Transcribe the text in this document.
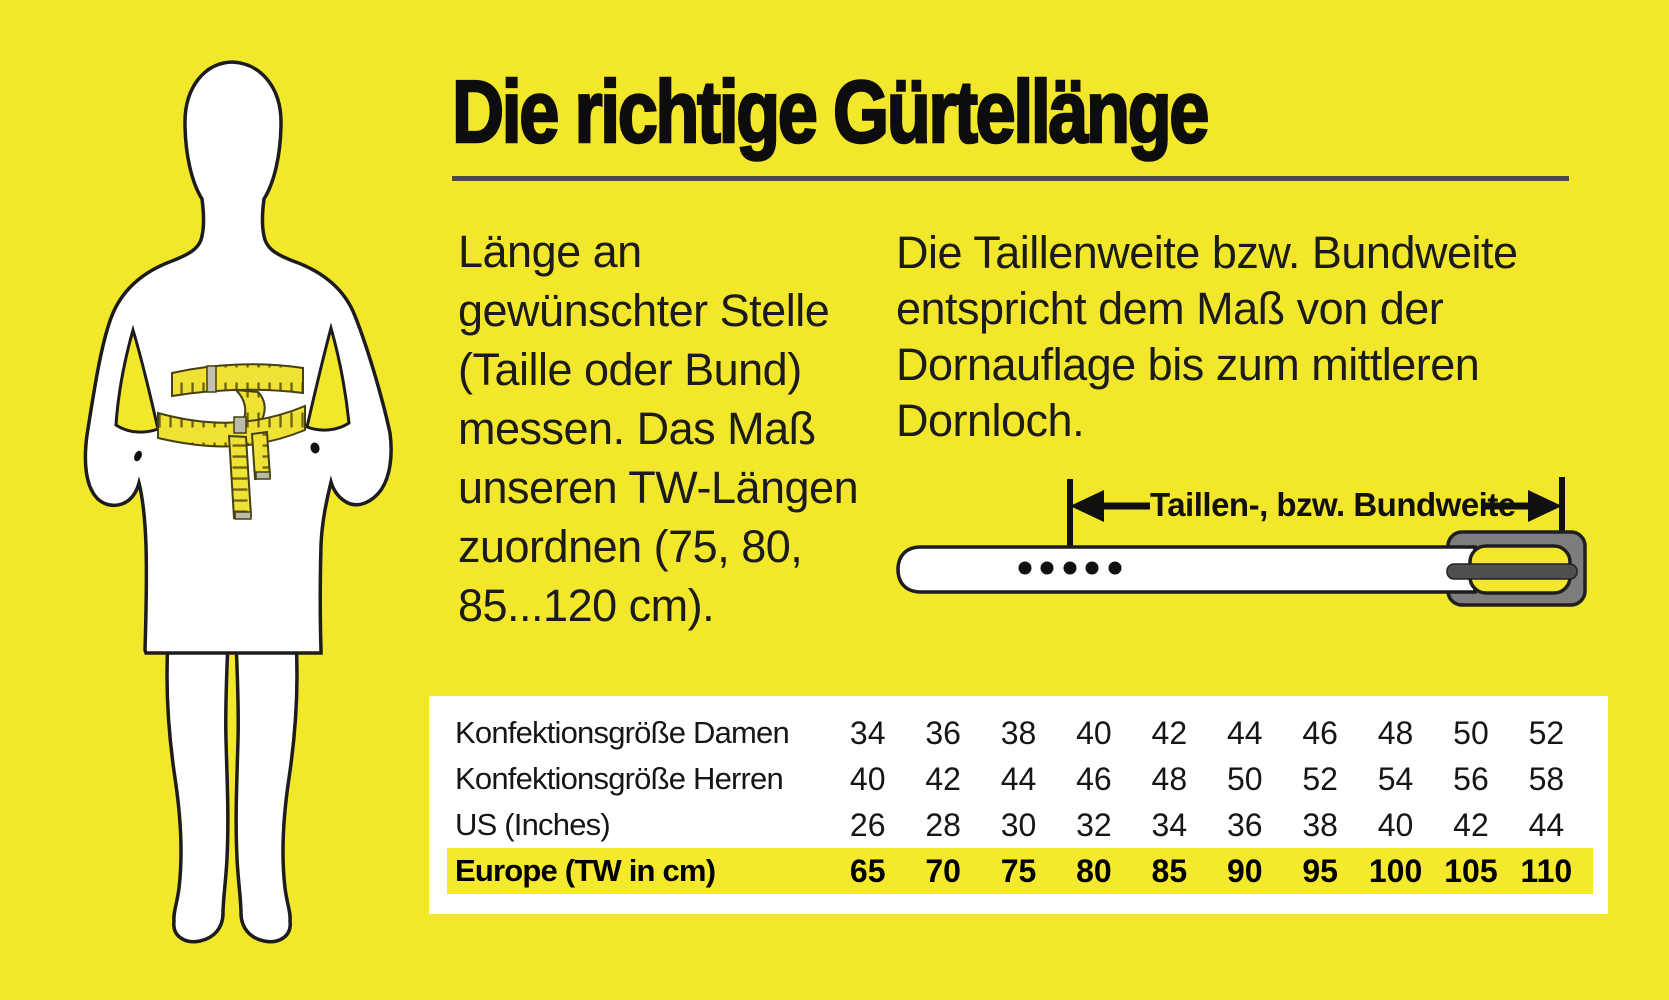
Die richtige Gürtellänge
Länge an
gewünschter Stelle
(Taille oder Bund)
messen. Das Maß
unseren TW-Längen
zuordnen (75, 80,
85...120 cm).
Die Taillenweite bzw. Bundweite
entspricht dem Maß von der
Dornauflage bis zum mittleren
Dornloch.
Taillen-, bzw. Bundweite
Konfektionsgröße Damen	34	36	38	40	42	44	46	48	50	52
Konfektionsgröße Herren	40	42	44	46	48	50	52	54	56	58
US (Inches)	26	28	30	32	34	36	38	40	42	44
Europe (TW in cm)	65	70	75	80	85	90	95 100 105 110
